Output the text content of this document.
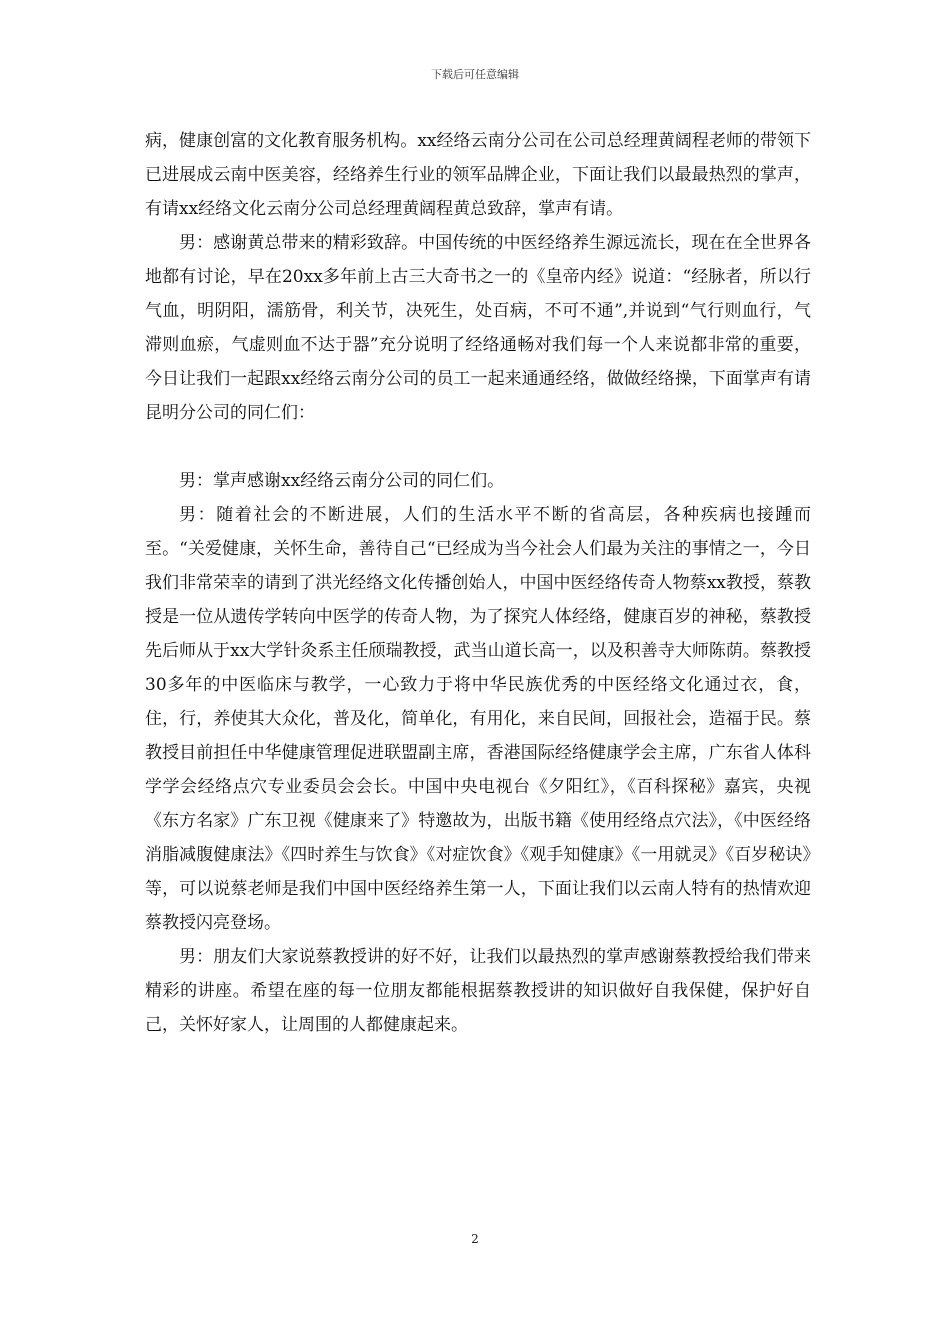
下载后可任意编辑

病，健康创富的文化教育服务机构。xx经络云南分公司在公司总经理黄阔程老师的带领下已进展成云南中医美容，经络养生行业的领军品牌企业，下面让我们以最最热烈的掌声，有请xx经络文化云南分公司总经理黄阔程黄总致辞，掌声有请。

男：感谢黄总带来的精彩致辞。中国传统的中医经络养生源远流长，现在在全世界各地都有讨论，早在20xx多年前上古三大奇书之一的《皇帝内经》说道：“经脉者，所以行气血，明阴阳，濡筋骨，利关节，决死生，处百病，不可不通”,并说到“气行则血行，气滞则血瘀，气虚则血不达于器”充分说明了经络通畅对我们每一个人来说都非常的重要，今日让我们一起跟xx经络云南分公司的员工一起来通通经络，做做经络操，下面掌声有请昆明分公司的同仁们：

男：掌声感谢xx经络云南分公司的同仁们。

男：随着社会的不断进展，人们的生活水平不断的省高层，各种疾病也接踵而至。“关爱健康，关怀生命，善待自己“已经成为当今社会人们最为关注的事情之一，今日我们非常荣幸的请到了洪光经络文化传播创始人，中国中医经络传奇人物蔡xx教授，蔡教授是一位从遗传学转向中医学的传奇人物，为了探究人体经络，健康百岁的神秘，蔡教授先后师从于xx大学针灸系主任颀瑞教授，武当山道长高一，以及积善寺大师陈荫。蔡教授30多年的中医临床与教学，一心致力于将中华民族优秀的中医经络文化通过衣，食，住，行，养使其大众化，普及化，简单化，有用化，来自民间，回报社会，造福于民。蔡教授目前担任中华健康管理促进联盟副主席，香港国际经络健康学会主席，广东省人体科学学会经络点穴专业委员会会长。中国中央电视台《夕阳红》，《百科探秘》嘉宾，央视《东方名家》广东卫视《健康来了》特邀故为，出版书籍《使用经络点穴法》，《中医经络消脂减腹健康法》《四时养生与饮食》《对症饮食》《观手知健康》《一用就灵》《百岁秘诀》等，可以说蔡老师是我们中国中医经络养生第一人，下面让我们以云南人特有的热情欢迎蔡教授闪亮登场。

男：朋友们大家说蔡教授讲的好不好，让我们以最热烈的掌声感谢蔡教授给我们带来精彩的讲座。希望在座的每一位朋友都能根据蔡教授讲的知识做好自我保健，保护好自己，关怀好家人，让周围的人都健康起来。

2
